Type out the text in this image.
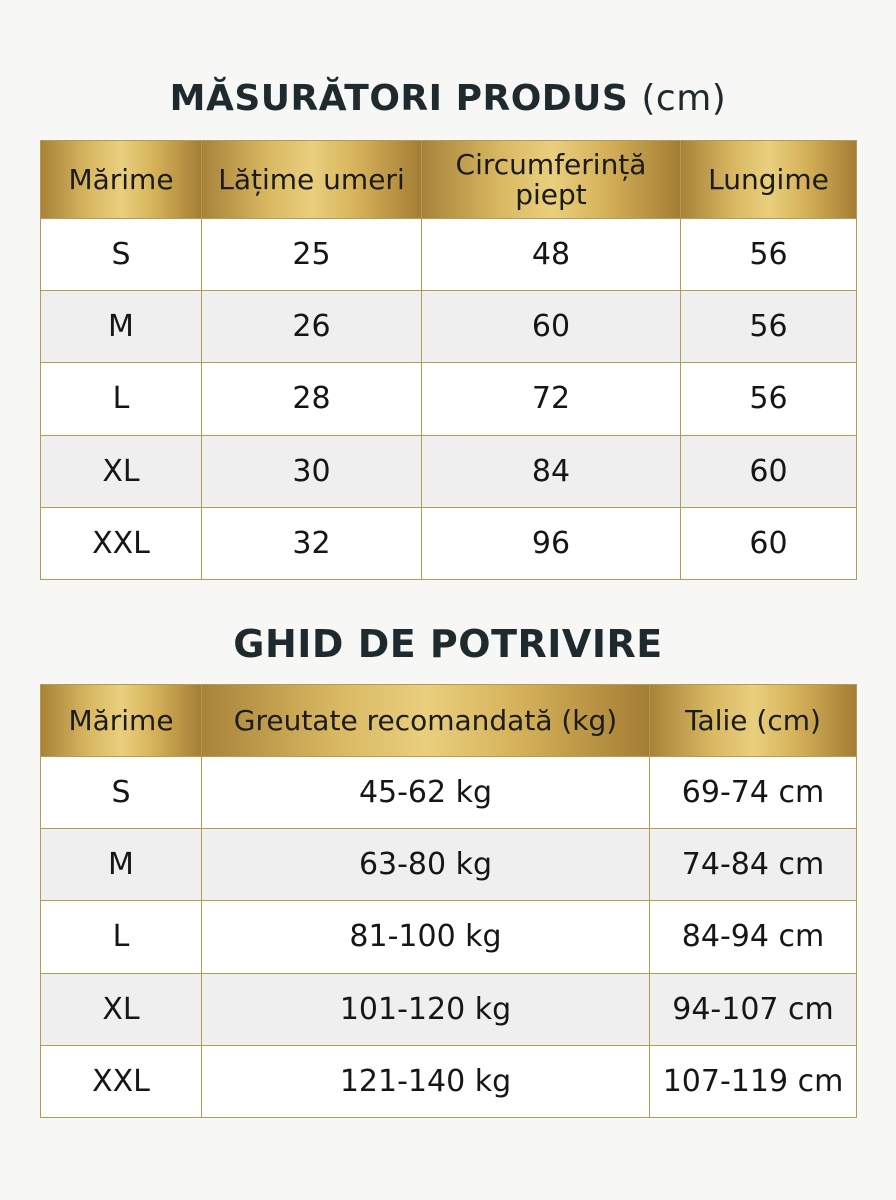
MĂSURĂTORI PRODUS (cm)
Mărime	Lățime umeri	Circumferință piept	Lungime
S	25	48	56
M	26	60	56
L	28	72	56
XL	30	84	60
XXL	32	96	60
GHID DE POTRIVIRE
Mărime	Greutate recomandată (kg)	Talie (cm)
S	45-62 kg	69-74 cm
M	63-80 kg	74-84 cm
L	81-100 kg	84-94 cm
XL	101-120 kg	94-107 cm
XXL	121-140 kg	107-119 cm
